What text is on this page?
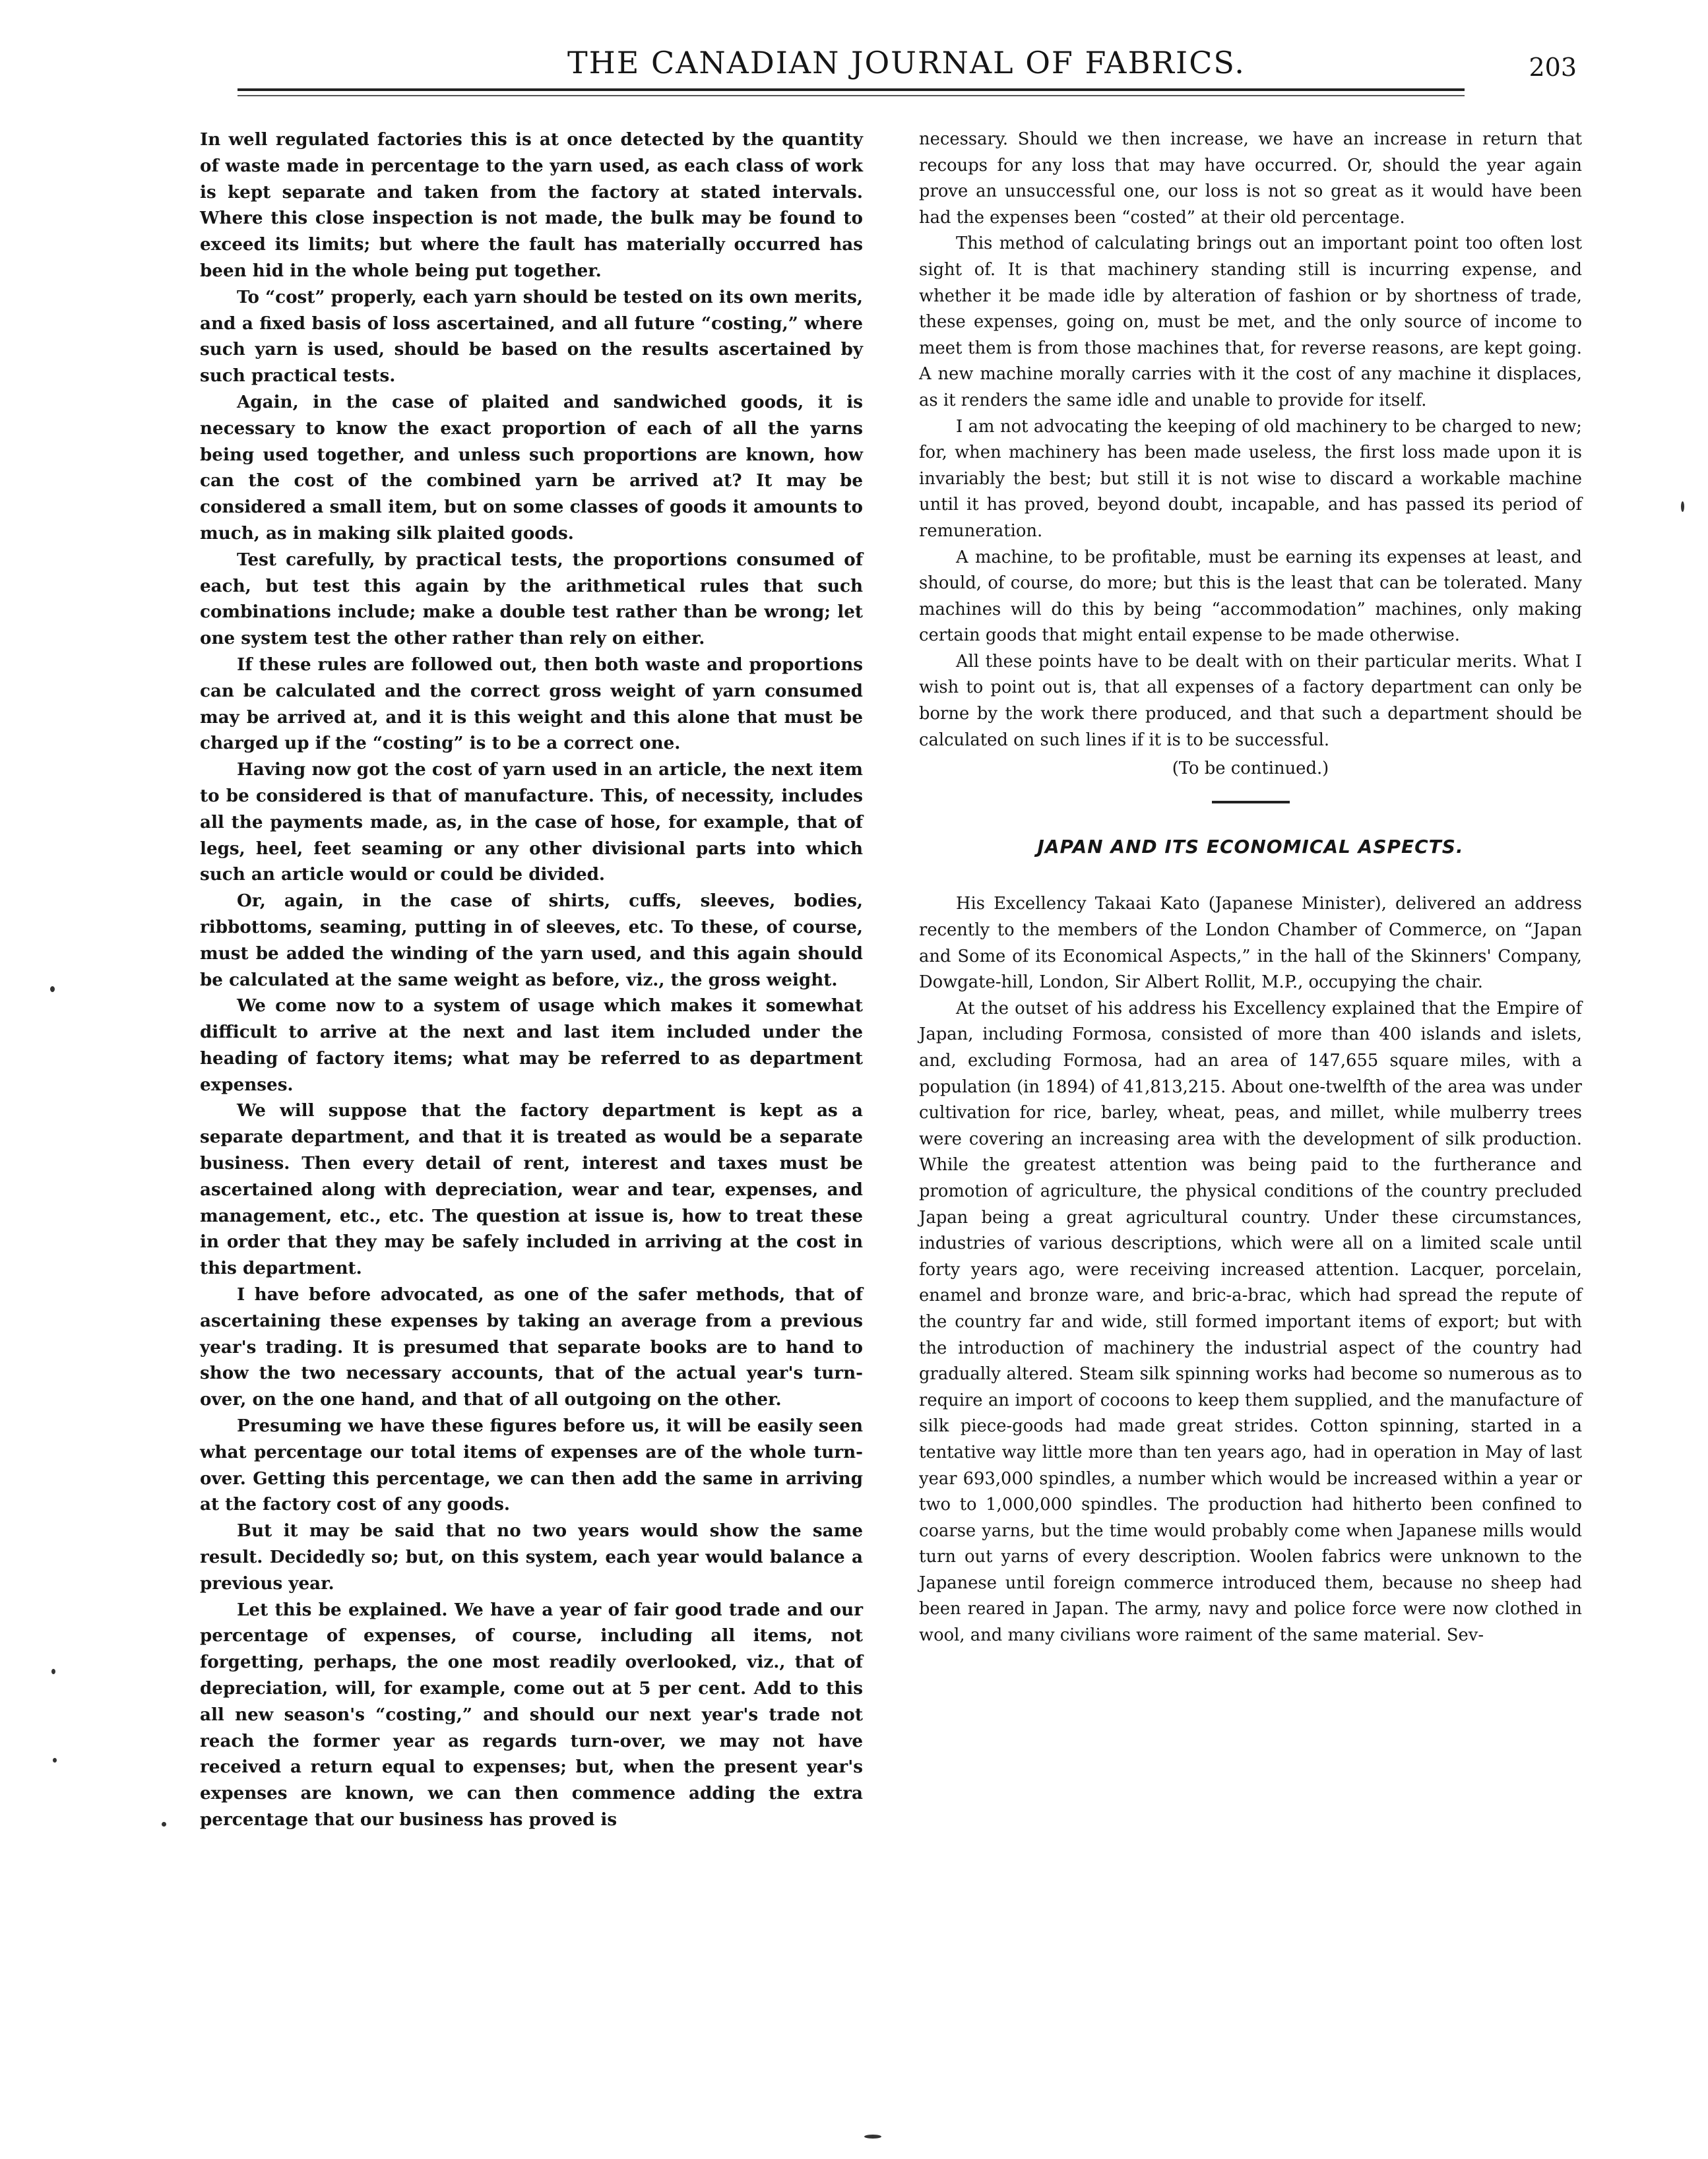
THE CANADIAN JOURNAL OF FABRICS.	203

In well regulated factories this is at once detected by the quantity of waste made in percentage to the yarn used, as each class of work is kept separate and taken from the factory at stated intervals. Where this close inspection is not made, the bulk may be found to exceed its limits; but where the fault has materially occurred has been hid in the whole being put together.

To “cost” properly, each yarn should be tested on its own merits, and a fixed basis of loss ascertained, and all future “costing,” where such yarn is used, should be based on the results ascertained by such practical tests.

Again, in the case of plaited and sandwiched goods, it is necessary to know the exact proportion of each of all the yarns being used together, and unless such proportions are known, how can the cost of the combined yarn be arrived at? It may be considered a small item, but on some classes of goods it amounts to much, as in making silk plaited goods.

Test carefully, by practical tests, the proportions consumed of each, but test this again by the arithmetical rules that such combinations include; make a double test rather than be wrong; let one system test the other rather than rely on either.

If these rules are followed out, then both waste and proportions can be calculated and the correct gross weight of yarn consumed may be arrived at, and it is this weight and this alone that must be charged up if the “costing” is to be a correct one.

Having now got the cost of yarn used in an article, the next item to be considered is that of manufacture. This, of necessity, includes all the payments made, as, in the case of hose, for example, that of legs, heel, feet seaming or any other divisional parts into which such an article would or could be divided.

Or, again, in the case of shirts, cuffs, sleeves, bodies, ribbottoms, seaming, putting in of sleeves, etc. To these, of course, must be added the winding of the yarn used, and this again should be calculated at the same weight as before, viz., the gross weight.

We come now to a system of usage which makes it somewhat difficult to arrive at the next and last item included under the heading of factory items; what may be referred to as department expenses.

We will suppose that the factory department is kept as a separate department, and that it is treated as would be a separate business. Then every detail of rent, interest and taxes must be ascertained along with depreciation, wear and tear, expenses, and management, etc., etc. The question at issue is, how to treat these in order that they may be safely included in arriving at the cost in this department.

I have before advocated, as one of the safer methods, that of ascertaining these expenses by taking an average from a previous year's trading. It is presumed that separate books are to hand to show the two necessary accounts, that of the actual year's turn-over, on the one hand, and that of all outgoing on the other.

Presuming we have these figures before us, it will be easily seen what percentage our total items of expenses are of the whole turn-over. Getting this percentage, we can then add the same in arriving at the factory cost of any goods.

But it may be said that no two years would show the same result. Decidedly so; but, on this system, each year would balance a previous year.

Let this be explained. We have a year of fair good trade and our percentage of expenses, of course, including all items, not forgetting, perhaps, the one most readily overlooked, viz., that of depreciation, will, for example, come out at 5 per cent. Add to this all new season's “costing,” and should our next year's trade not reach the former year as regards turn-over, we may not have received a return equal to expenses; but, when the present year's expenses are known, we can then commence adding the extra percentage that our business has proved is

necessary. Should we then increase, we have an increase in return that recoups for any loss that may have occurred. Or, should the year again prove an unsuccessful one, our loss is not so great as it would have been had the expenses been “costed” at their old percentage.

This method of calculating brings out an important point too often lost sight of. It is that machinery standing still is incurring expense, and whether it be made idle by alteration of fashion or by shortness of trade, these expenses, going on, must be met, and the only source of income to meet them is from those machines that, for reverse reasons, are kept going. A new machine morally carries with it the cost of any machine it displaces, as it renders the same idle and unable to provide for itself.

I am not advocating the keeping of old machinery to be charged to new; for, when machinery has been made useless, the first loss made upon it is invariably the best; but still it is not wise to discard a workable machine until it has proved, beyond doubt, incapable, and has passed its period of remuneration.

A machine, to be profitable, must be earning its expenses at least, and should, of course, do more; but this is the least that can be tolerated. Many machines will do this by being “accommodation” machines, only making certain goods that might entail expense to be made otherwise.

All these points have to be dealt with on their particular merits. What I wish to point out is, that all expenses of a factory department can only be borne by the work there produced, and that such a department should be calculated on such lines if it is to be successful.

(To be continued.)

JAPAN AND ITS ECONOMICAL ASPECTS.

His Excellency Takaai Kato (Japanese Minister), delivered an address recently to the members of the London Chamber of Commerce, on “Japan and Some of its Economical Aspects,” in the hall of the Skinners' Company, Dowgate-hill, London, Sir Albert Rollit, M.P., occupying the chair.

At the outset of his address his Excellency explained that the Empire of Japan, including Formosa, consisted of more than 400 islands and islets, and, excluding Formosa, had an area of 147,655 square miles, with a population (in 1894) of 41,813,215. About one-twelfth of the area was under cultivation for rice, barley, wheat, peas, and millet, while mulberry trees were covering an increasing area with the development of silk production. While the greatest attention was being paid to the furtherance and promotion of agriculture, the physical conditions of the country precluded Japan being a great agricultural country. Under these circumstances, industries of various descriptions, which were all on a limited scale until forty years ago, were receiving increased attention. Lacquer, porcelain, enamel and bronze ware, and bric-a-brac, which had spread the repute of the country far and wide, still formed important items of export; but with the introduction of machinery the industrial aspect of the country had gradually altered. Steam silk spinning works had become so numerous as to require an import of cocoons to keep them supplied, and the manufacture of silk piece-goods had made great strides. Cotton spinning, started in a tentative way little more than ten years ago, had in operation in May of last year 693,000 spindles, a number which would be increased within a year or two to 1,000,000 spindles. The production had hitherto been confined to coarse yarns, but the time would probably come when Japanese mills would turn out yarns of every description. Woolen fabrics were unknown to the Japanese until foreign commerce introduced them, because no sheep had been reared in Japan. The army, navy and police force were now clothed in wool, and many civilians wore raiment of the same material. Sev-
